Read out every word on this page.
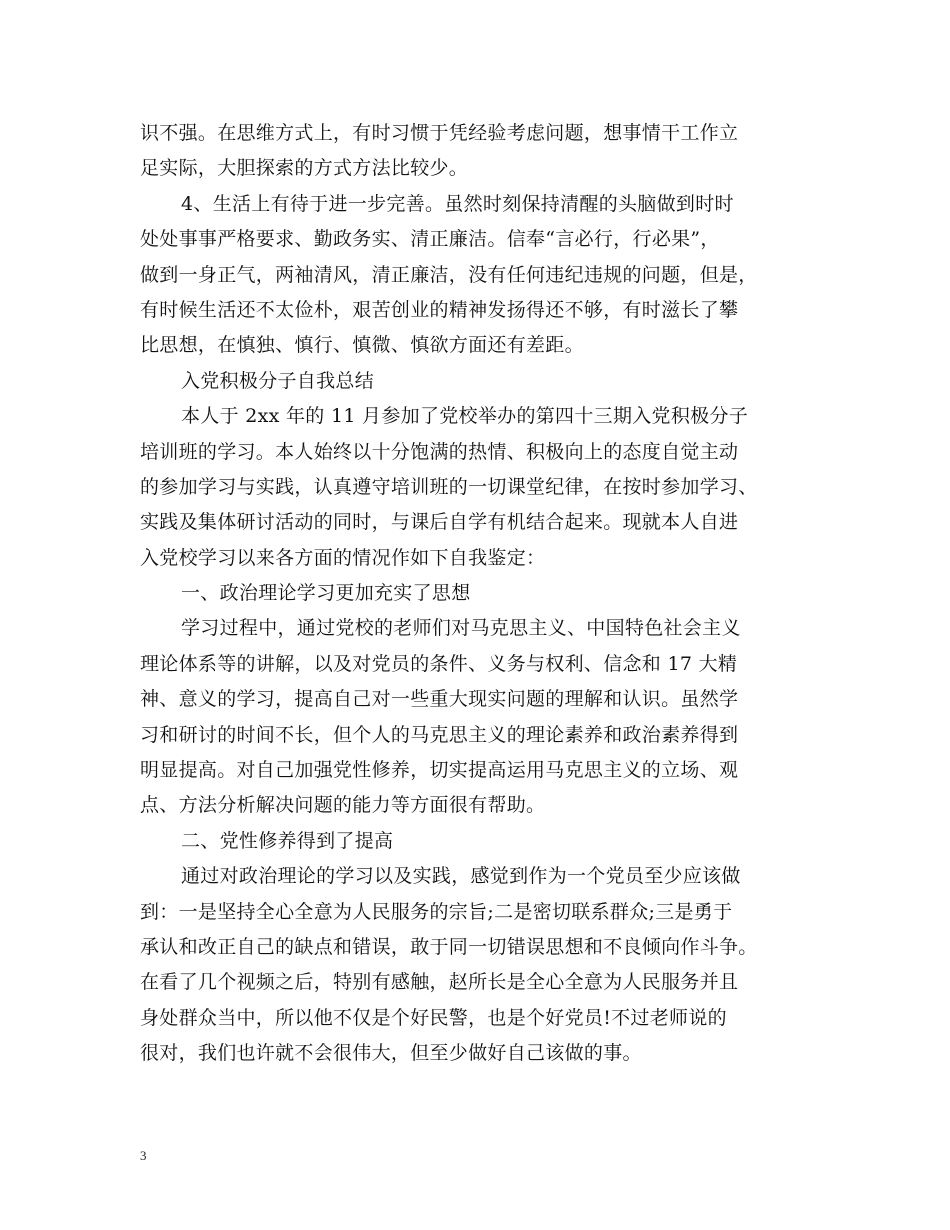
识不强。在思维方式上，有时习惯于凭经验考虑问题，想事情干工作立
足实际，大胆探索的方式方法比较少。
4、生活上有待于进一步完善。虽然时刻保持清醒的头脑做到时时
处处事事严格要求、勤政务实、清正廉洁。信奉“言必行，行必果”，
做到一身正气，两袖清风，清正廉洁，没有任何违纪违规的问题，但是，
有时候生活还不太俭朴，艰苦创业的精神发扬得还不够，有时滋长了攀
比思想，在慎独、慎行、慎微、慎欲方面还有差距。
入党积极分子自我总结
本人于 2xx 年的 11 月参加了党校举办的第四十三期入党积极分子
培训班的学习。本人始终以十分饱满的热情、积极向上的态度自觉主动
的参加学习与实践，认真遵守培训班的一切课堂纪律，在按时参加学习、
实践及集体研讨活动的同时，与课后自学有机结合起来。现就本人自进
入党校学习以来各方面的情况作如下自我鉴定：
一、政治理论学习更加充实了思想
学习过程中，通过党校的老师们对马克思主义、中国特色社会主义
理论体系等的讲解，以及对党员的条件、义务与权利、信念和 17 大精
神、意义的学习，提高自己对一些重大现实问题的理解和认识。虽然学
习和研讨的时间不长，但个人的马克思主义的理论素养和政治素养得到
明显提高。对自己加强党性修养，切实提高运用马克思主义的立场、观
点、方法分析解决问题的能力等方面很有帮助。
二、党性修养得到了提高
通过对政治理论的学习以及实践，感觉到作为一个党员至少应该做
到：一是坚持全心全意为人民服务的宗旨;二是密切联系群众;三是勇于
承认和改正自己的缺点和错误，敢于同一切错误思想和不良倾向作斗争。
在看了几个视频之后，特别有感触，赵所长是全心全意为人民服务并且
身处群众当中，所以他不仅是个好民警，也是个好党员!不过老师说的
很对，我们也许就不会很伟大，但至少做好自己该做的事。
3
